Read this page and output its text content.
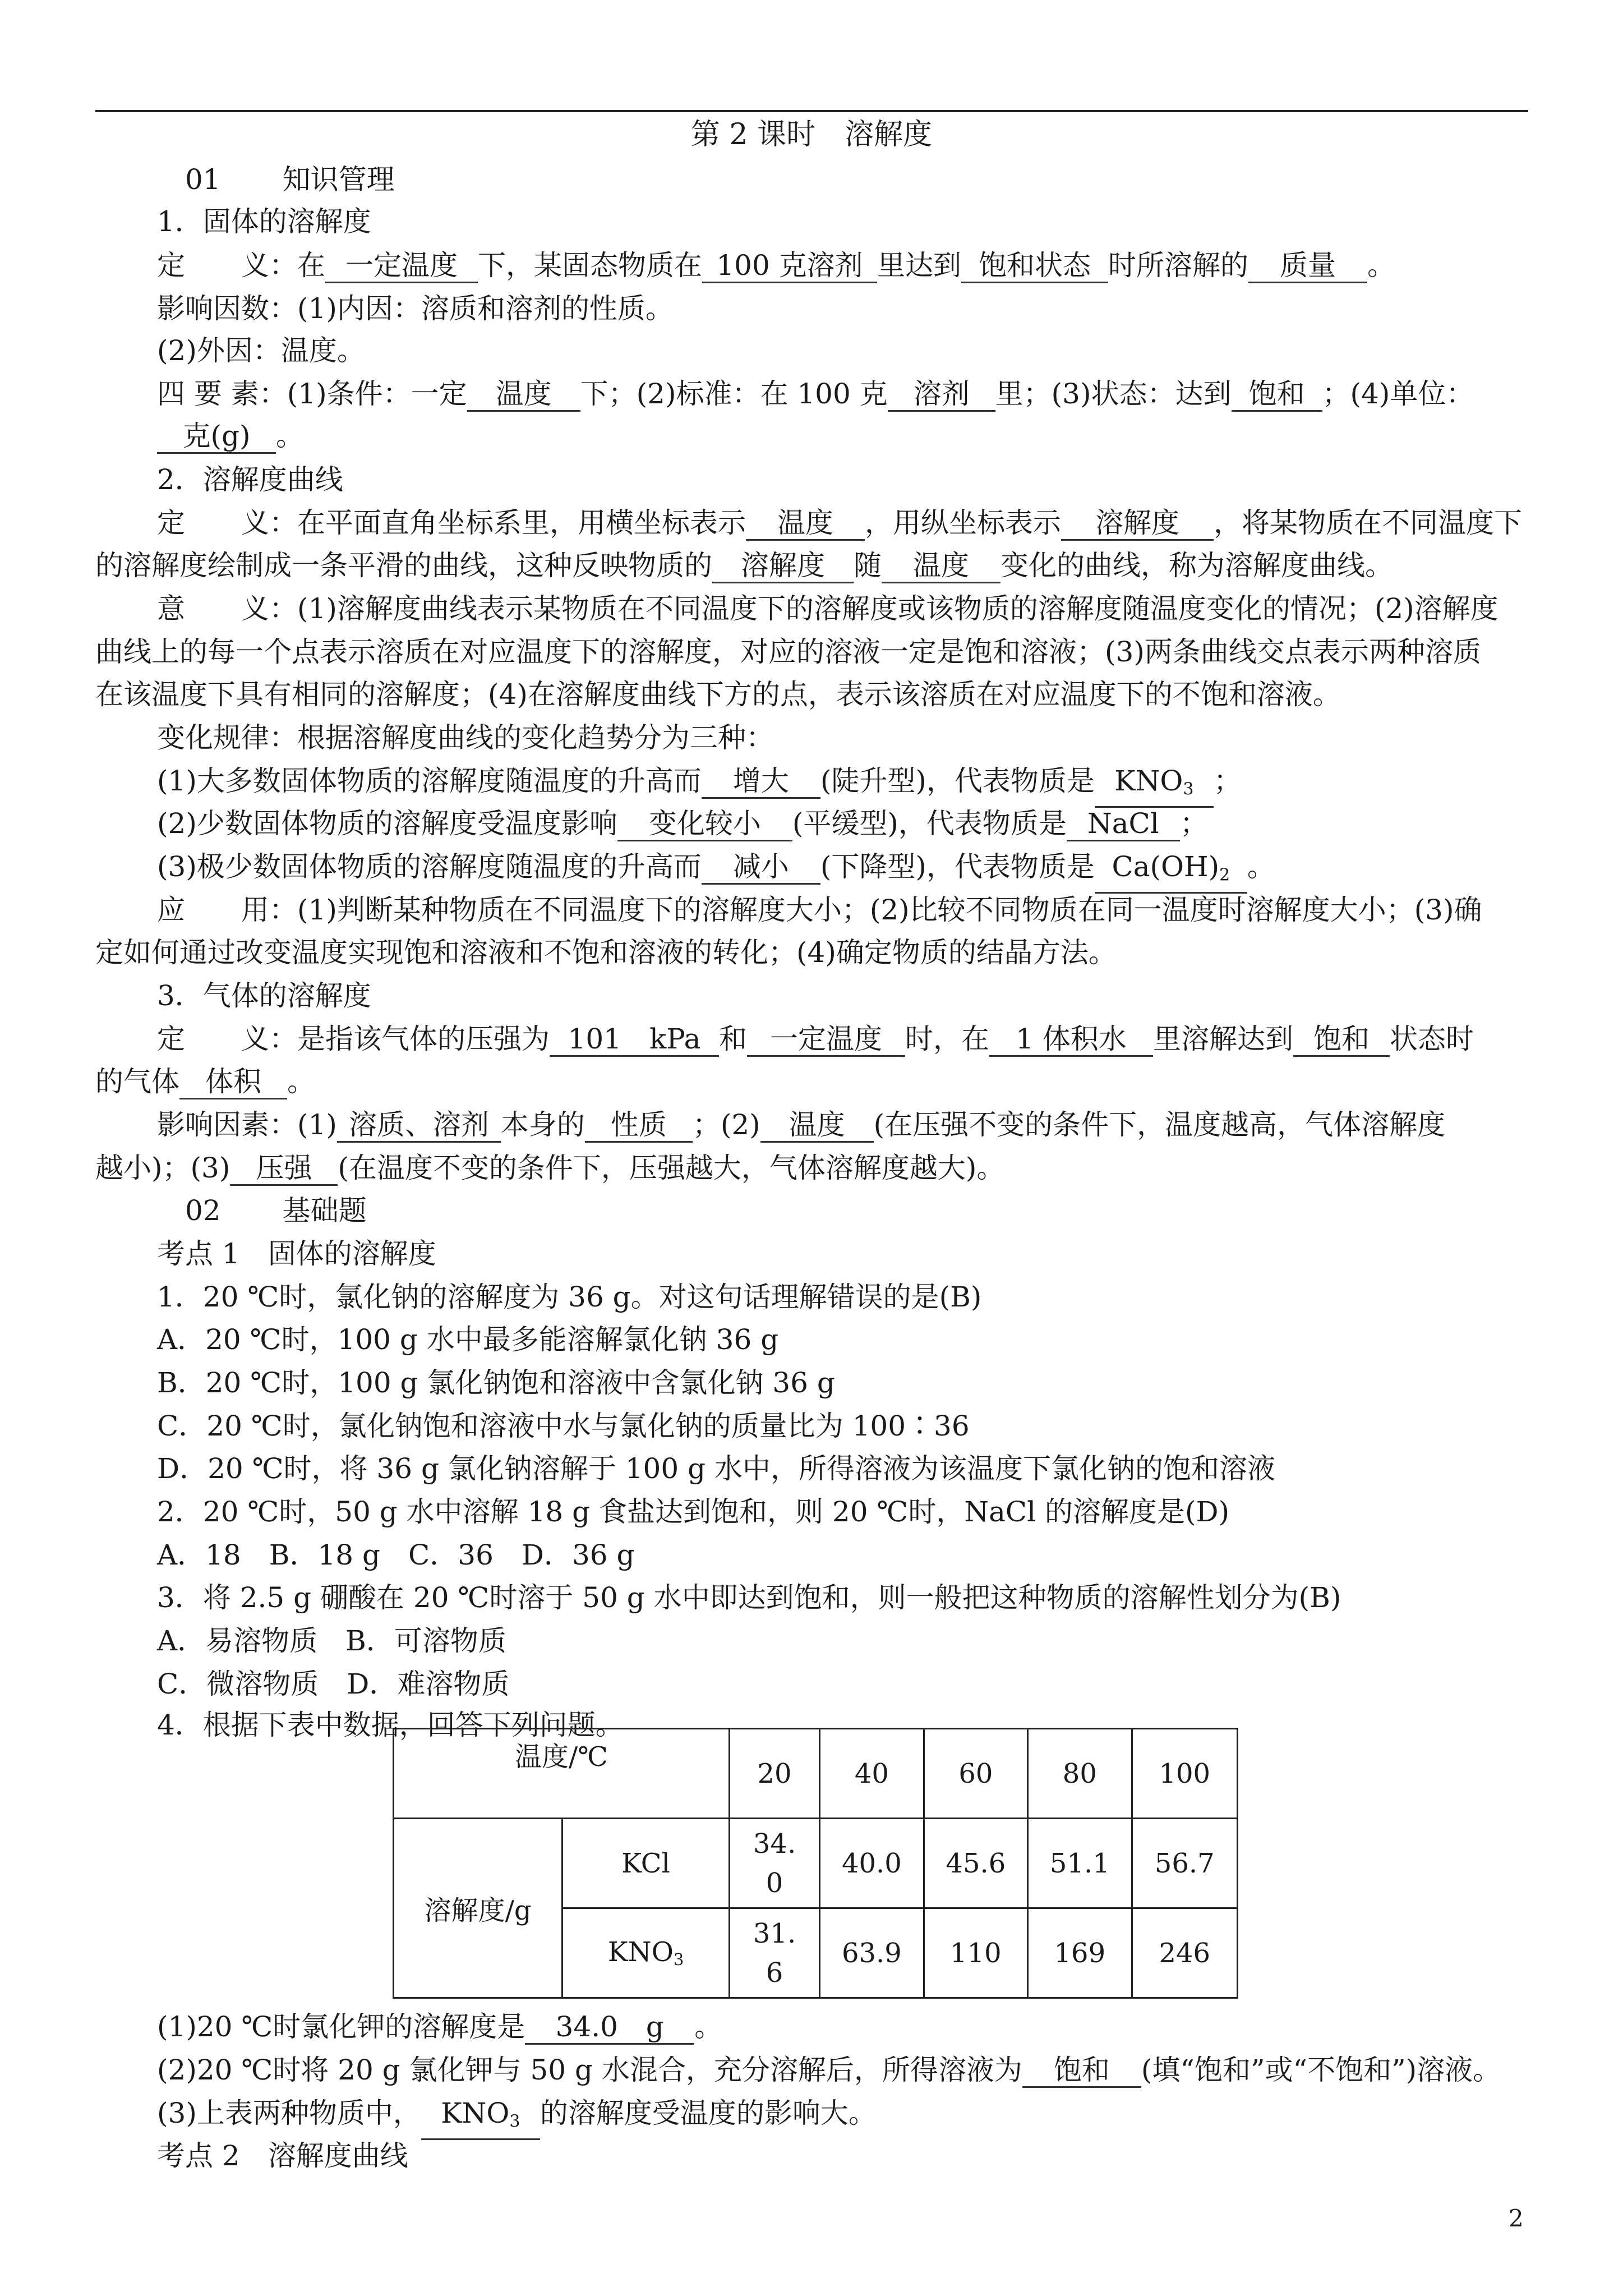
第 2 课时　溶解度
01 知识管理
1．固体的溶解度
定　　义：在 一定温度 下，某固态物质在 100 克溶剂 里达到 饱和状态 时所溶解的 质量 。
影响因数：(1)内因：溶质和溶剂的性质。
(2)外因：温度。
四 要 素：(1)条件：一定 温度 下；(2)标准：在 100 克 溶剂 里；(3)状态：达到 饱和 ；(4)单位：
克(g) 。
2．溶解度曲线
定　　义：在平面直角坐标系里，用横坐标表示 温度 ，用纵坐标表示 溶解度 ，将某物质在不同温度下
的溶解度绘制成一条平滑的曲线，这种反映物质的 溶解度 随 温度 变化的曲线，称为溶解度曲线。
意　　义：(1)溶解度曲线表示某物质在不同温度下的溶解度或该物质的溶解度随温度变化的情况；(2)溶解度
曲线上的每一个点表示溶质在对应温度下的溶解度，对应的溶液一定是饱和溶液；(3)两条曲线交点表示两种溶质
在该温度下具有相同的溶解度；(4)在溶解度曲线下方的点，表示该溶质在对应温度下的不饱和溶液。
变化规律：根据溶解度曲线的变化趋势分为三种：
(1)大多数固体物质的溶解度随温度的升高而 增大 (陡升型)，代表物质是 $KNO_3$ ；
(2)少数固体物质的溶解度受温度影响 变化较小 (平缓型)，代表物质是 NaCl ；
(3)极少数固体物质的溶解度随温度的升高而 减小 (下降型)，代表物质是 $Ca(OH)_2$ 。
应　　用：(1)判断某种物质在不同温度下的溶解度大小；(2)比较不同物质在同一温度时溶解度大小；(3)确
定如何通过改变温度实现饱和溶液和不饱和溶液的转化；(4)确定物质的结晶方法。
3．气体的溶解度
定　　义：是指该气体的压强为 101　kPa 和 一定温度 时，在 1 体积水 里溶解达到 饱和 状态时
的气体 体积 。
影响因素：(1) 溶质、溶剂 本身的 性质 ；(2) 温度 (在压强不变的条件下，温度越高，气体溶解度
越小)；(3) 压强 (在温度不变的条件下，压强越大，气体溶解度越大)。
02 基础题
考点 1　固体的溶解度
1．20 ℃时，氯化钠的溶解度为 36 g。对这句话理解错误的是(B)
A．20 ℃时，100 g 水中最多能溶解氯化钠 36 g
B．20 ℃时，100 g 氯化钠饱和溶液中含氯化钠 36 g
C．20 ℃时，氯化钠饱和溶液中水与氯化钠的质量比为 100∶36
D．20 ℃时，将 36 g 氯化钠溶解于 100 g 水中，所得溶液为该温度下氯化钠的饱和溶液
2．20 ℃时，50 g 水中溶解 18 g 食盐达到饱和，则 20 ℃时，NaCl 的溶解度是(D)
A．18　B．18 g　C．36　D．36 g
3．将 2.5 g 硼酸在 20 ℃时溶于 50 g 水中即达到饱和，则一般把这种物质的溶解性划分为(B)
A．易溶物质　B．可溶物质
C．微溶物质　D．难溶物质
4．根据下表中数据，回答下列问题。
温度/℃		20	40	60	80	100
溶解度/g	KCl	34.0	40.0	45.6	51.1	56.7
	$KNO_3$	31.6	63.9	110	169	246
(1)20 ℃时氯化钾的溶解度是 34.0　g 。
(2)20 ℃时将 20 g 氯化钾与 50 g 水混合，充分溶解后，所得溶液为 饱和 (填“饱和”或“不饱和”)溶液。
(3)上表两种物质中， $KNO_3$ 的溶解度受温度的影响大。
考点 2　溶解度曲线
2
